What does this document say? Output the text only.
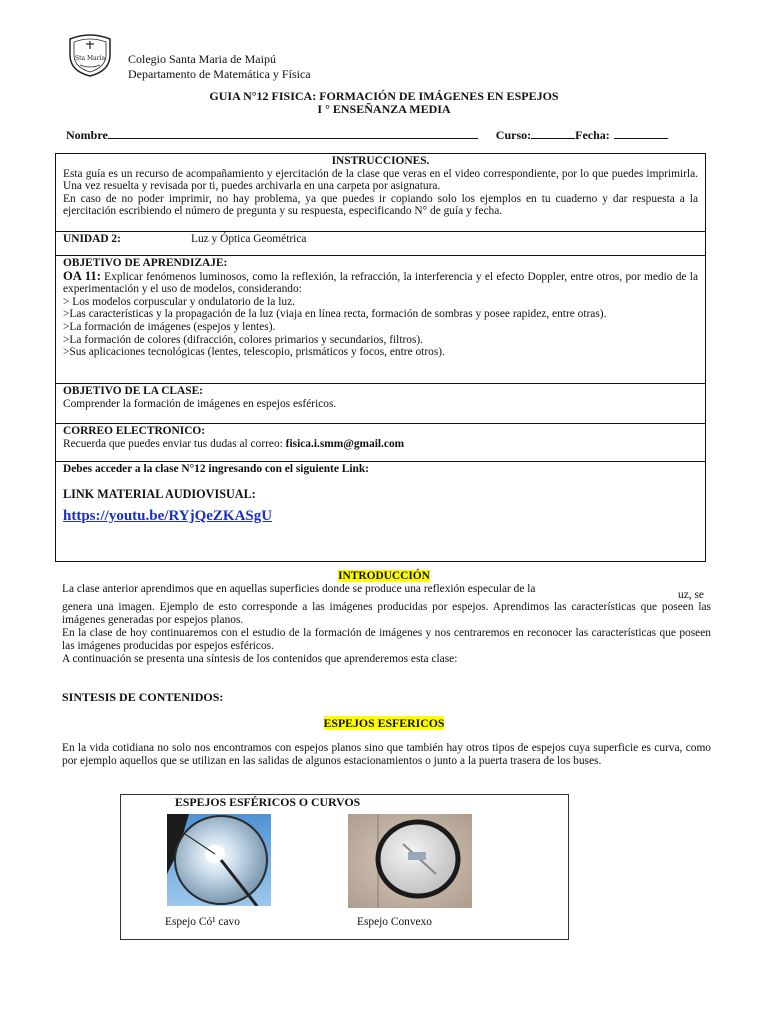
Sta María Colegio Santa Maria de Maipú
Departamento de Matemática y Física
GUIA N°12 FISICA: FORMACIÓN DE IMÁGENES EN ESPEJOS
I ° ENSEÑANZA MEDIA
Nombre	Curso:	Fecha:
INSTRUCCIONES.
Esta guía es un recurso de acompañamiento y ejercitación de la clase que veras en el video correspondiente, por lo que puedes imprimirla. Una vez resuelta y revisada por ti, puedes archivarla en una carpeta por asignatura.
En caso de no poder imprimir, no hay problema, ya que puedes ir copiando solo los ejemplos en tu cuaderno y dar respuesta a la ejercitación escribiendo el número de pregunta y su respuesta, especificando N° de guía y fecha.

UNIDAD 2:	Luz y Óptica Geométrica

OBJETIVO DE APRENDIZAJE:
OA 11: Explicar fenómenos luminosos, como la reflexión, la refracción, la interferencia y el efecto Doppler, entre otros, por medio de la experimentación y el uso de modelos, considerando:
> Los modelos corpuscular y ondulatorio de la luz.
>Las características y la propagación de la luz (viaja en línea recta, formación de sombras y posee rapidez, entre otras).
>La formación de imágenes (espejos y lentes).
>La formación de colores (difracción, colores primarios y secundarios, filtros).
>Sus aplicaciones tecnológicas (lentes, telescopio, prismáticos y focos, entre otros).

OBJETIVO DE LA CLASE:
Comprender la formación de imágenes en espejos esféricos.

CORREO ELECTRONICO:
Recuerda que puedes enviar tus dudas al correo: fisica.i.smm@gmail.com

Debes acceder a la clase N°12 ingresando con el siguiente Link:
LINK MATERIAL AUDIOVISUAL:
https://youtu.be/RYjQeZKASgU
INTRODUCCIÓN
La clase anterior aprendimos que en aquellas superficies donde se produce una reflexión especular de la	uz, se
genera una imagen. Ejemplo de esto corresponde a las imágenes producidas por espejos. Aprendimos las características que poseen las imágenes generadas por espejos planos.
En la clase de hoy continuaremos con el estudio de la formación de imágenes y nos centraremos en reconocer las características que poseen las imágenes producidas por espejos esféricos.
A continuación se presenta una síntesis de los contenidos que aprenderemos esta clase:
SINTESIS DE CONTENIDOS:
ESPEJOS ESFERICOS
En la vida cotidiana no solo nos encontramos con espejos planos sino que también hay otros tipos de espejos cuya superficie es curva, como por ejemplo aquellos que se utilizan en las salidas de algunos estacionamientos o junto a la puerta trasera de los buses.
ESPEJOS ESFÉRICOS O CURVOS
Espejo Có¹ cavo	Espejo Convexo
